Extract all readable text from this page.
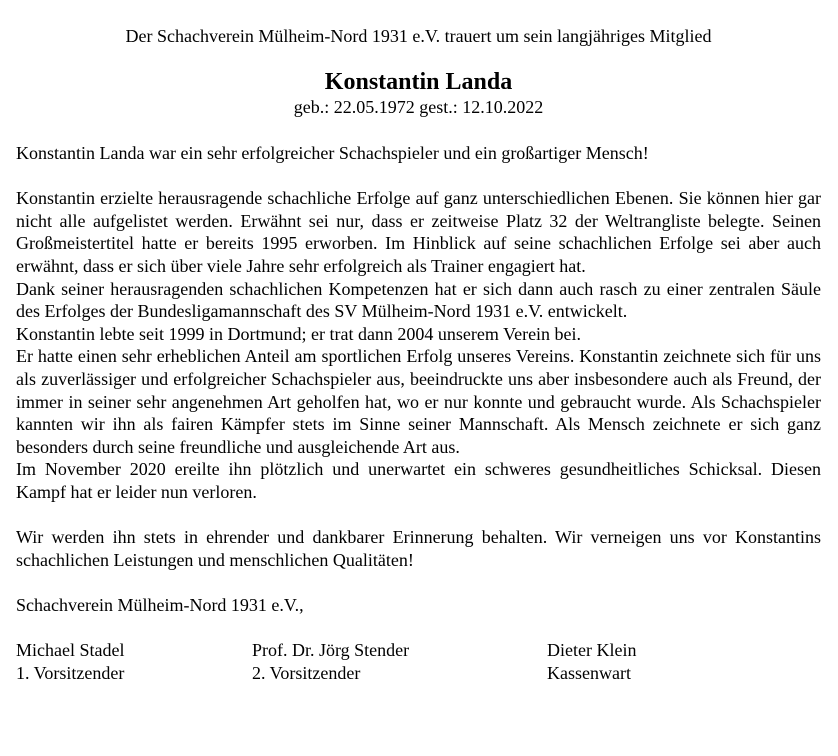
Der Schachverein Mülheim-Nord 1931 e.V. trauert um sein langjähriges Mitglied

Konstantin Landa

geb.: 22.05.1972 gest.: 12.10.2022

Konstantin Landa war ein sehr erfolgreicher Schachspieler und ein großartiger Mensch!

Konstantin erzielte herausragende schachliche Erfolge auf ganz unterschiedlichen Ebenen. Sie können hier gar nicht alle aufgelistet werden. Erwähnt sei nur, dass er zeitweise Platz 32 der Weltrangliste belegte. Seinen Großmeistertitel hatte er bereits 1995 erworben. Im Hinblick auf seine schachlichen Erfolge sei aber auch erwähnt, dass er sich über viele Jahre sehr erfolgreich als Trainer engagiert hat.

Dank seiner herausragenden schachlichen Kompetenzen hat er sich dann auch rasch zu einer zentralen Säule des Erfolges der Bundesligamannschaft des SV Mülheim-Nord 1931 e.V. entwickelt.

Konstantin lebte seit 1999 in Dortmund; er trat dann 2004 unserem Verein bei.

Er hatte einen sehr erheblichen Anteil am sportlichen Erfolg unseres Vereins. Konstantin zeichnete sich für uns als zuverlässiger und erfolgreicher Schachspieler aus, beeindruckte uns aber insbesondere auch als Freund, der immer in seiner sehr angenehmen Art geholfen hat, wo er nur konnte und gebraucht wurde. Als Schachspieler kannten wir ihn als fairen Kämpfer stets im Sinne seiner Mannschaft. Als Mensch zeichnete er sich ganz besonders durch seine freundliche und ausgleichende Art aus.

Im November 2020 ereilte ihn plötzlich und unerwartet ein schweres gesundheitliches Schicksal. Diesen Kampf hat er leider nun verloren.

Wir werden ihn stets in ehrender und dankbarer Erinnerung behalten. Wir verneigen uns vor Konstantins schachlichen Leistungen und menschlichen Qualitäten!

Schachverein Mülheim-Nord 1931 e.V.,

Michael Stadel
1. Vorsitzender
Prof. Dr. Jörg Stender
2. Vorsitzender
Dieter Klein
Kassenwart
